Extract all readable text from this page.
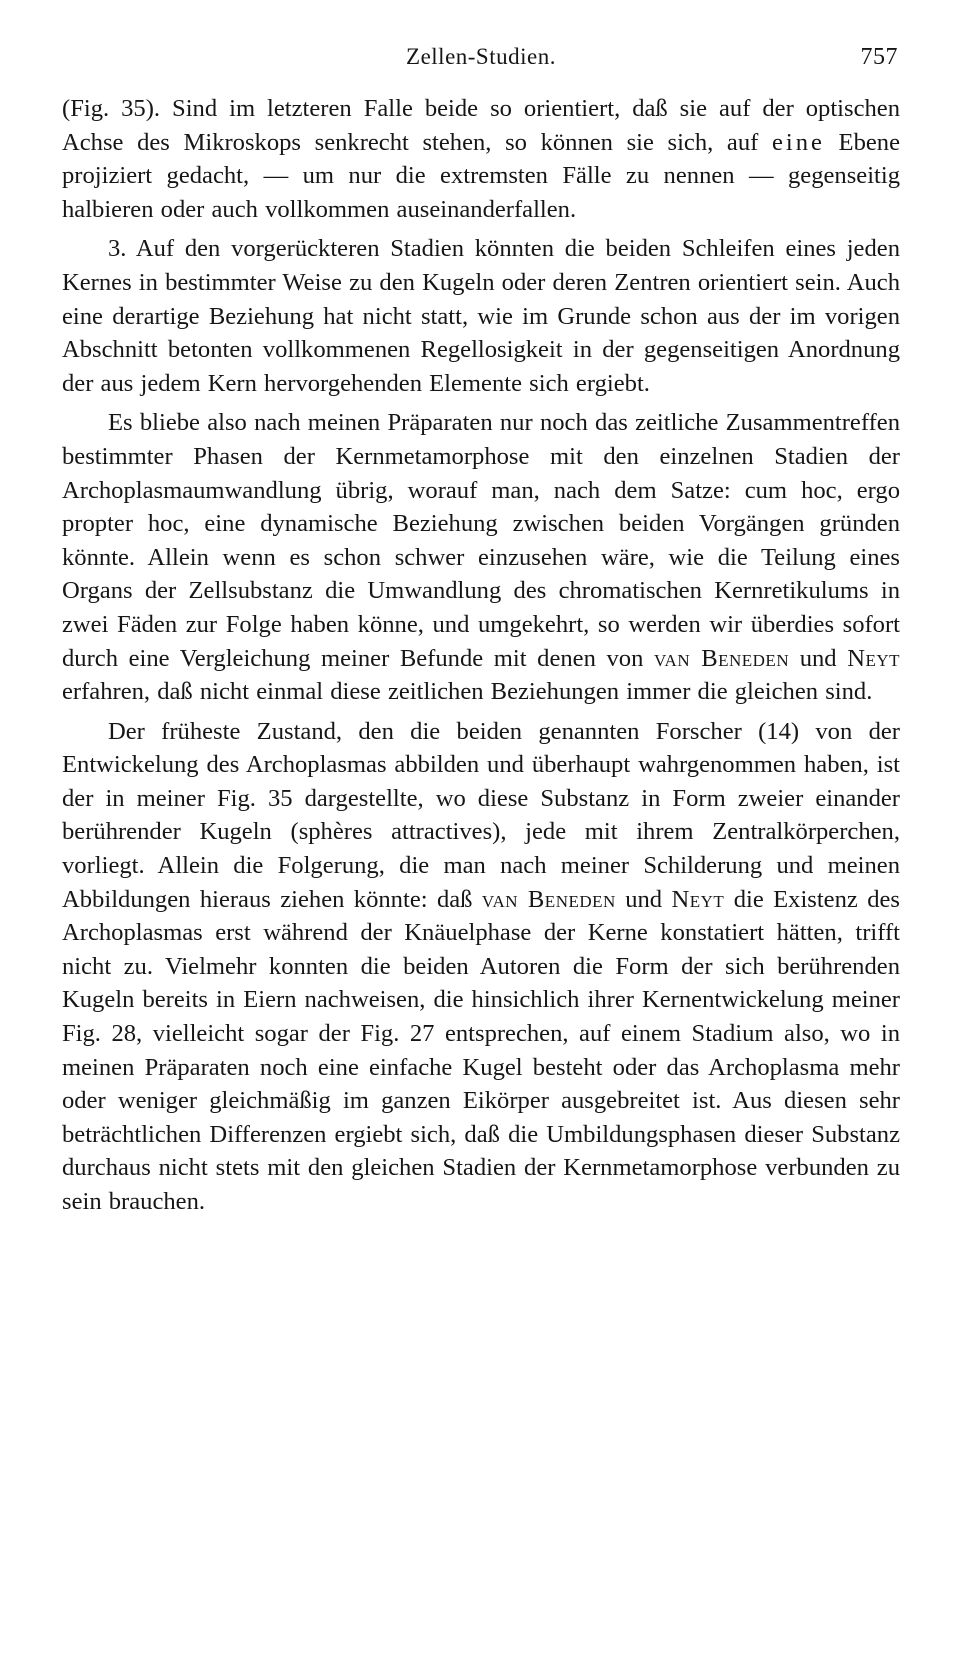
Zellen-Studien.	757

(Fig. 35). Sind im letzteren Falle beide so orientiert, daß sie auf der optischen Achse des Mikroskops senkrecht stehen, so können sie sich, auf eine Ebene projiziert gedacht, — um nur die extremsten Fälle zu nennen — gegenseitig halbieren oder auch vollkommen auseinanderfallen.

3. Auf den vorgerückteren Stadien könnten die beiden Schleifen eines jeden Kernes in bestimmter Weise zu den Kugeln oder deren Zentren orientiert sein. Auch eine derartige Beziehung hat nicht statt, wie im Grunde schon aus der im vorigen Abschnitt betonten vollkommenen Regellosigkeit in der gegenseitigen Anordnung der aus jedem Kern hervorgehenden Elemente sich ergiebt.

Es bliebe also nach meinen Präparaten nur noch das zeitliche Zusammentreffen bestimmter Phasen der Kernmetamorphose mit den einzelnen Stadien der Archoplasmaumwandlung übrig, worauf man, nach dem Satze: cum hoc, ergo propter hoc, eine dynamische Beziehung zwischen beiden Vorgängen gründen könnte. Allein wenn es schon schwer einzusehen wäre, wie die Teilung eines Organs der Zellsubstanz die Umwandlung des chromatischen Kernretikulums in zwei Fäden zur Folge haben könne, und umgekehrt, so werden wir überdies sofort durch eine Vergleichung meiner Befunde mit denen von van Beneden und Neyt erfahren, daß nicht einmal diese zeitlichen Beziehungen immer die gleichen sind.

Der früheste Zustand, den die beiden genannten Forscher (14) von der Entwickelung des Archoplasmas abbilden und überhaupt wahrgenommen haben, ist der in meiner Fig. 35 dargestellte, wo diese Substanz in Form zweier einander berührender Kugeln (sphères attractives), jede mit ihrem Zentralkörperchen, vorliegt. Allein die Folgerung, die man nach meiner Schilderung und meinen Abbildungen hieraus ziehen könnte: daß van Beneden und Neyt die Existenz des Archoplasmas erst während der Knäuelphase der Kerne konstatiert hätten, trifft nicht zu. Vielmehr konnten die beiden Autoren die Form der sich berührenden Kugeln bereits in Eiern nachweisen, die hinsichlich ihrer Kernentwickelung meiner Fig. 28, vielleicht sogar der Fig. 27 entsprechen, auf einem Stadium also, wo in meinen Präparaten noch eine einfache Kugel besteht oder das Archoplasma mehr oder weniger gleichmäßig im ganzen Eikörper ausgebreitet ist. Aus diesen sehr beträchtlichen Differenzen ergiebt sich, daß die Umbildungsphasen dieser Substanz durchaus nicht stets mit den gleichen Stadien der Kernmetamorphose verbunden zu sein brauchen.
